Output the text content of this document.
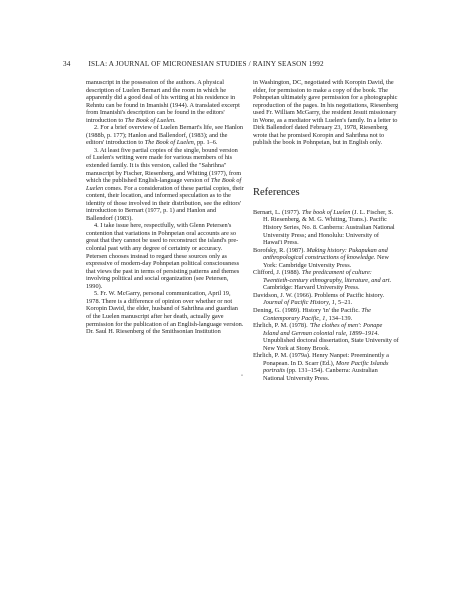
34	ISLA: A JOURNAL OF MICRONESIAN STUDIES / RAINY SEASON 1992

manuscript in the possession of the authors. A physical description of Luelen Bernart and the room in which he apparently did a good deal of his writing at his residence in Rehntu can be found in Imanishi (1944). A translated excerpt from Imanishi's description can be found in the editors' introduction to The Book of Luelen.

2. For a brief overview of Luelen Bernart's life, see Hanlon (1988b, p. 177); Hanlon and Ballendorf, (1983); and the editors' introduction to The Book of Luelen, pp. 1–6.

3. At least five partial copies of the single, bound version of Luelen's writing were made for various members of his extended family. It is this version, called the "Sahrihna" manuscript by Fischer, Riesenberg, and Whiting (1977), from which the published English-language version of The Book of Luelen comes. For a consideration of these partial copies, their content, their location, and informed speculation as to the identity of those involved in their distribution, see the editors' introduction to Bernart (1977, p. 1) and Hanlon and Ballendorf (1983).

4. I take issue here, respectfully, with Glenn Petersen's contention that variations in Pohnpeian oral accounts are so great that they cannot be used to reconstruct the island's pre-colonial past with any degree of certainty or accuracy. Petersen chooses instead to regard these sources only as expressive of modern-day Pohnpeian political consciousness that views the past in terms of persisting patterns and themes involving political and social organization (see Petersen, 1990).

5. Fr. W. McGarry, personal communication, April 19, 1978. There is a difference of opinion over whether or not Koropin David, the elder, husband of Sahrihna and guardian of the Luelen manuscript after her death, actually gave permission for the publication of an English-language version. Dr. Saul H. Riesenberg of the Smithsonian Institution

˘

in Washington, DC, negotiated with Koropin David, the elder, for permission to make a copy of the book. The Pohnpeian ultimately gave permission for a photographic reproduction of the pages. In his negotiations, Riesenberg used Fr. William McGarry, the resident Jesuit missionary in Wone, as a mediator with Luelen's family. In a letter to Dirk Ballendorf dated February 23, 1978, Riesenberg wrote that he promised Koropin and Sahrihna not to publish the book in Pohnpeian, but in English only.

References

Bernart, L. (1977). The book of Luelen (J. L. Fischer, S. H. Riesenberg, & M. G. Whiting, Trans.). Pacific History Series, No. 8. Canberra: Australian National University Press; and Honolulu: University of Hawai'i Press.

Borofsky, R. (1987). Making history: Pukapukan and anthropological constructions of knowledge. New York: Cambridge University Press.

Clifford, J. (1988). The predicament of culture: Twentieth-century ethnography, literature, and art. Cambridge: Harvard University Press.

Davidson, J. W. (1966). Problems of Pacific history. Journal of Pacific History, 1, 5–21.

Dening, G. (1989). History 'in' the Pacific. The Contemporary Pacific, 1, 134–139.

Ehrlich, P. M. (1978). 'The clothes of men': Ponape Island and German colonial rule, 1899–1914. Unpublished doctoral dissertation, State University of New York at Stony Brook.

Ehrlich, P. M. (1979a). Henry Nanpei: Preeminently a Ponapean. In D. Scarr (Ed.), More Pacific Islands portraits (pp. 131–154). Canberra: Australian National University Press.
